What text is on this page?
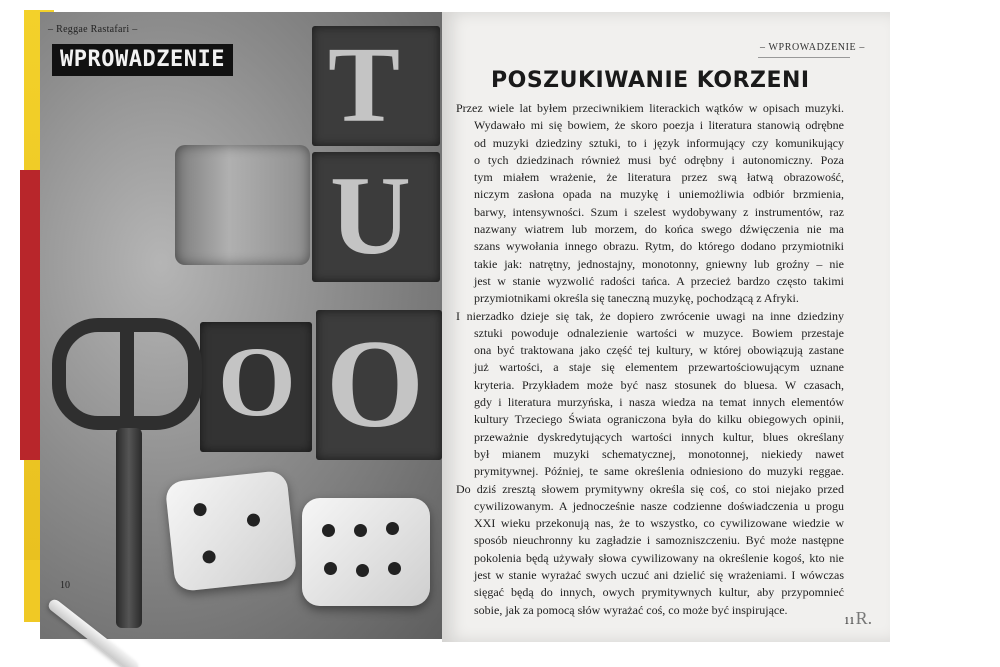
T
U
O O
– Reggae Rastafari –
WPROWADZENIE
10
– WPROWADZENIE –
POSZUKIWANIE KORZENI
Przez wiele lat byłem przeciwnikiem literackich wątków w opisach muzyki.
Wydawało mi się bowiem, że skoro poezja i literatura stanowią odrębne
od muzyki dziedziny sztuki, to i język informujący czy komunikujący
o tych dziedzinach również musi być odrębny i autonomiczny. Poza
tym miałem wrażenie, że literatura przez swą łatwą obrazowość,
niczym zasłona opada na muzykę i uniemożliwia odbiór brzmienia,
barwy, intensywności. Szum i szelest wydobywany z instrumentów, raz
nazwany wiatrem lub morzem, do końca swego dźwięczenia nie ma
szans wywołania innego obrazu. Rytm, do którego dodano przymiotniki
takie jak: natrętny, jednostajny, monotonny, gniewny lub groźny – nie
jest w stanie wyzwolić radości tańca. A przecież bardzo często takimi
przymiotnikami określa się taneczną muzykę, pochodzącą z Afryki.
I nierzadko dzieje się tak, że dopiero zwrócenie uwagi na inne dziedziny
sztuki powoduje odnalezienie wartości w muzyce. Bowiem przestaje
ona być traktowana jako część tej kultury, w której obowiązują zastane
już wartości, a staje się elementem przewartościowującym uznane
kryteria. Przykładem może być nasz stosunek do bluesa. W czasach,
gdy i literatura murzyńska, i nasza wiedza na temat innych elementów
kultury Trzeciego Świata ograniczona była do kilku obiegowych opinii,
przeważnie dyskredytujących wartości innych kultur, blues określany
był mianem muzyki schematycznej, monotonnej, niekiedy nawet
prymitywnej. Później, te same określenia odniesiono do muzyki reggae.
Do dziś zresztą słowem prymitywny określa się coś, co stoi niejako przed
cywilizowanym. A jednocześnie nasze codzienne doświadczenia u progu
XXI wieku przekonują nas, że to wszystko, co cywilizowane wiedzie w
sposób nieuchronny ku zagładzie i samozniszczeniu. Być może następne
pokolenia będą używały słowa cywilizowany na określenie kogoś, kto nie
jest w stanie wyrażać swych uczuć ani dzielić się wrażeniami. I wówczas
sięgać będą do innych, owych prymitywnych kultur, aby przypomnieć
sobie, jak za pomocą słów wyrażać coś, co może być inspirujące.
11R.
